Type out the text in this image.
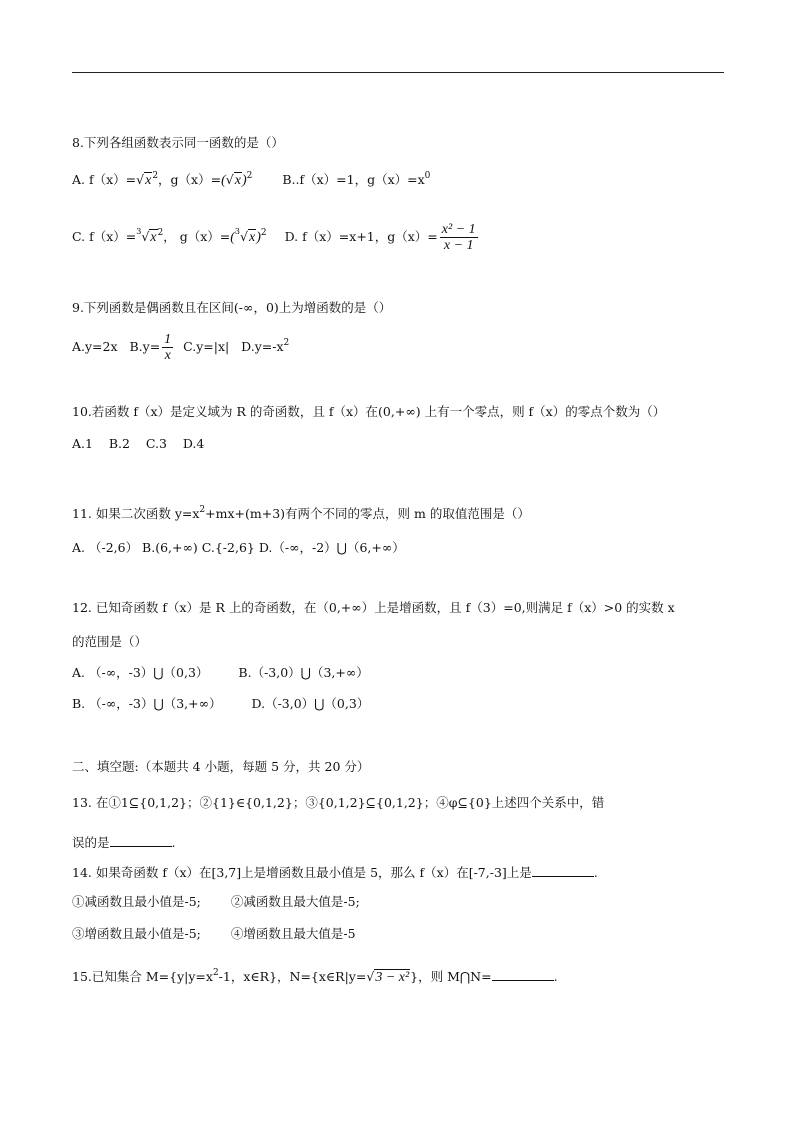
8.下列各组函数表示同一函数的是（）
A. $f(x)=√x^2$，$g(x)=(√x)^2$ B..f（x）=1，$g(x)=x^0$
C. $f(x)=^3√x^2$， $g(x)=(^3√x)^2$ D. f（x）=x+1，$g(x)= \frac{\text{x² − 1}}{x - 1}$
9.下列函数是偶函数且在区间(-∞，0)上为增函数的是（）
A.y=2x $B.y= \frac{1}{x} C.y=|x|$ $D.y=-x^2$
10.若函数 f（x）是定义域为 R 的奇函数，且 f（x）在(0,+∞) 上有一个零点，则 f（x）的零点个数为（）
A.1 B.2 C.3 D.4
11. 如果二次函数 $y=x^2+mx+(m+3)$有两个不同的零点，则 m 的取值范围是（）
A. （-2,6） B.(6,+∞) C.{-2,6} D.（-∞，-2）⋃（6,+∞）
12. 已知奇函数 f（x）是 R 上的奇函数，在（0,+∞）上是增函数，且 f（3）=0,则满足 f（x）>0 的实数 x
的范围是（）
A. （-∞，-3）⋃（0,3） B.（-3,0）⋃（3,+∞）
B. （-∞，-3）⋃（3,+∞） D.（-3,0）⋃（0,3）
二、填空题:（本题共 4 小题，每题 5 分，共 20 分）
13. 在①1⊆{0,1,2}；②{1}∈{0,1,2}；③{0,1,2}⊆{0,1,2}；④φ⊆{0}上述四个关系中，错
误的是	.
14. 如果奇函数 f（x）在[3,7]上是增函数且最小值是 5，那么 f（x）在[-7,-3]上是	.
①减函数且最小值是-5; ②减函数且最大值是-5;
③增函数且最小值是-5; ④增函数且最大值是-5
15.已知集合 $M=\{y|y=x^2-1$，x∈R}，N={x∈R|y=√3 − x²}，则 M⋂N=	.
